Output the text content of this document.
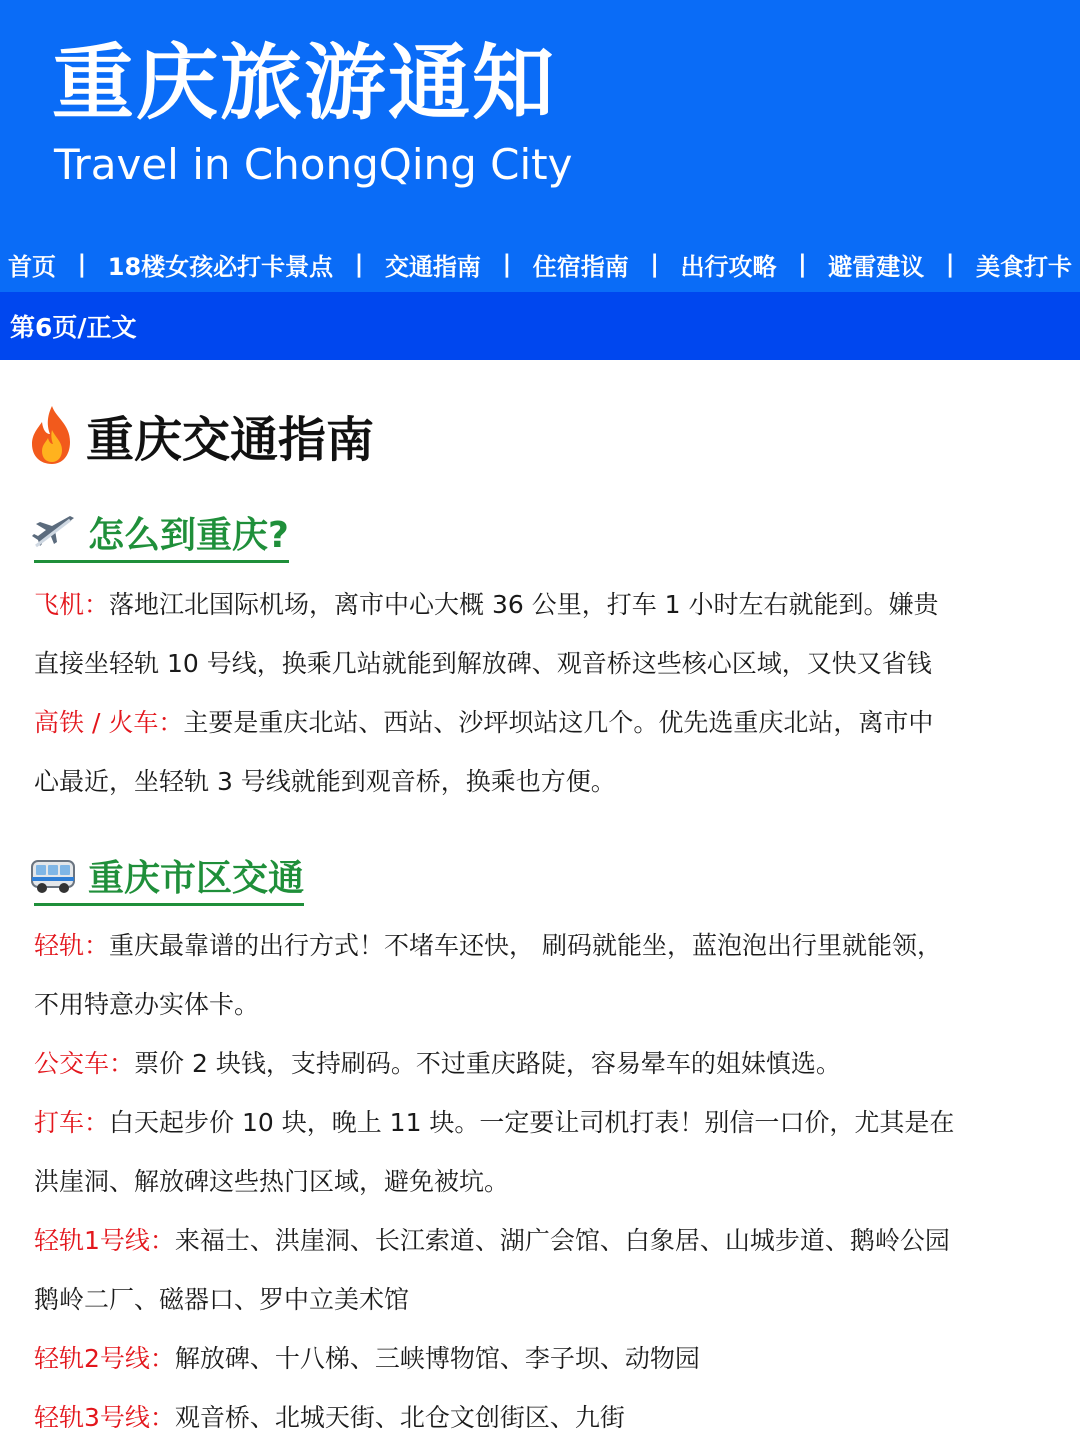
重庆旅游通知
Travel in ChongQing City
首页 | 18楼女孩必打卡景点 | 交通指南 | 住宿指南 | 出行攻略 | 避雷建议 | 美食打卡
第6页/正文
重庆交通指南
怎么到重庆?
飞机：落地江北国际机场，离市中心大概 36 公里，打车 1 小时左右就能到。嫌贵
直接坐轻轨 10 号线，换乘几站就能到解放碑、观音桥这些核心区域，又快又省钱
高铁 / 火车：主要是重庆北站、西站、沙坪坝站这几个。优先选重庆北站，离市中
心最近，坐轻轨 3 号线就能到观音桥，换乘也方便。
重庆市区交通
轻轨：重庆最靠谱的出行方式！不堵车还快， 刷码就能坐，蓝泡泡出行里就能领，
不用特意办实体卡。
公交车：票价 2 块钱，支持刷码。不过重庆路陡，容易晕车的姐妹慎选。
打车：白天起步价 10 块，晚上 11 块。一定要让司机打表！别信一口价，尤其是在
洪崖洞、解放碑这些热门区域，避免被坑。
轻轨1号线：来福士、洪崖洞、长江索道、湖广会馆、白象居、山城步道、鹅岭公园
鹅岭二厂、磁器口、罗中立美术馆
轻轨2号线：解放碑、十八梯、三峡博物馆、李子坝、动物园
轻轨3号线：观音桥、北城天街、北仓文创街区、九街
